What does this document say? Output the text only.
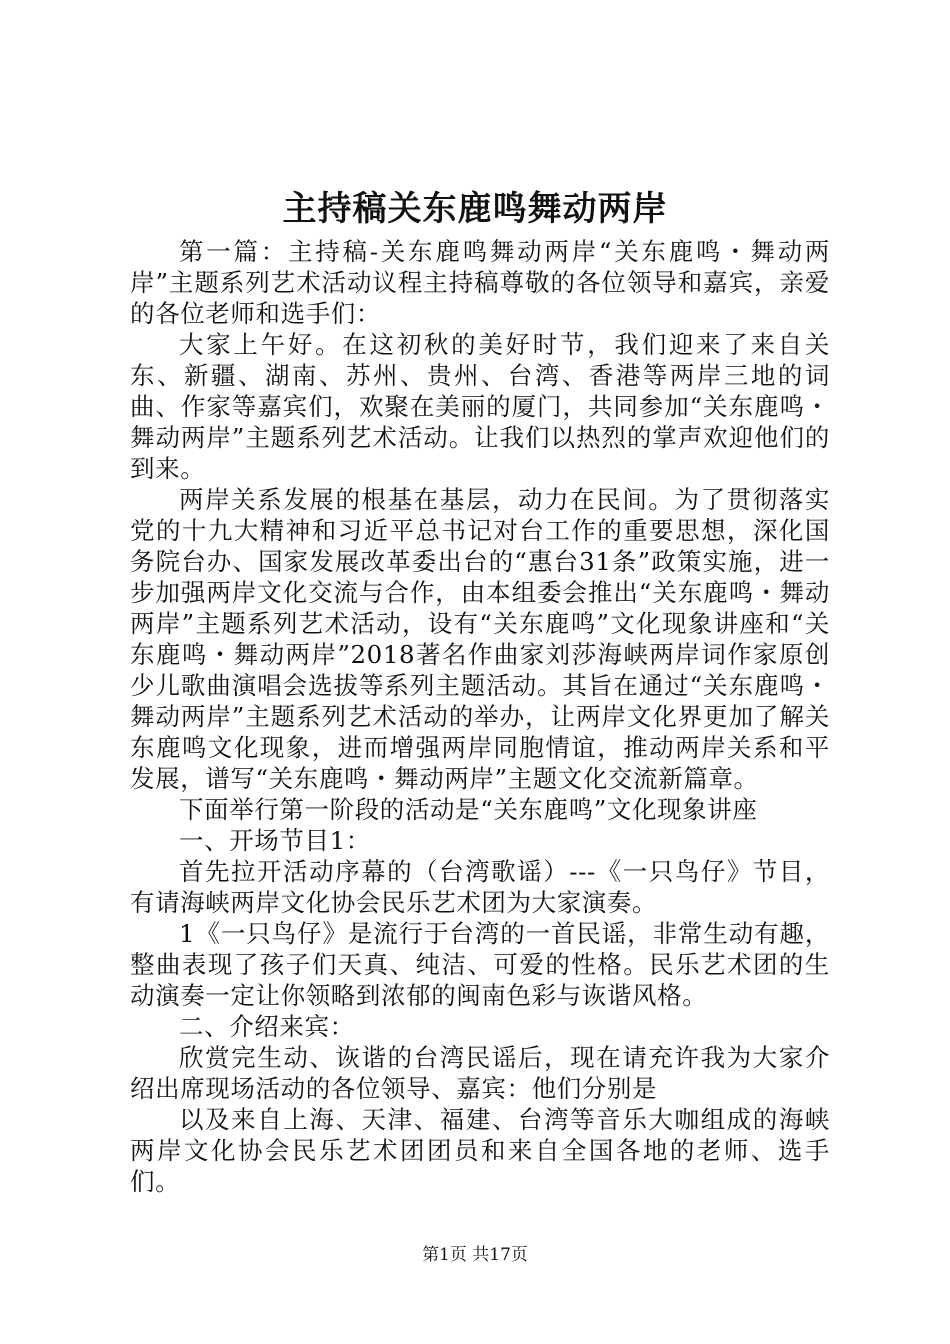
主持稿关东鹿鸣舞动两岸

第一篇：主持稿-关东鹿鸣舞动两岸“关东鹿鸣・舞动两岸”主题系列艺术活动议程主持稿尊敬的各位领导和嘉宾，亲爱的各位老师和选手们：

大家上午好。在这初秋的美好时节，我们迎来了来自关东、新疆、湖南、苏州、贵州、台湾、香港等两岸三地的词曲、作家等嘉宾们，欢聚在美丽的厦门，共同参加“关东鹿鸣・舞动两岸”主题系列艺术活动。让我们以热烈的掌声欢迎他们的到来。

两岸关系发展的根基在基层，动力在民间。为了贯彻落实党的十九大精神和习近平总书记对台工作的重要思想，深化国务院台办、国家发展改革委出台的“惠台31条”政策实施，进一步加强两岸文化交流与合作，由本组委会推出“关东鹿鸣・舞动两岸”主题系列艺术活动，设有“关东鹿鸣”文化现象讲座和“关东鹿鸣・舞动两岸”2018著名作曲家刘莎海峡两岸词作家原创少儿歌曲演唱会选拔等系列主题活动。其旨在通过“关东鹿鸣・舞动两岸”主题系列艺术活动的举办，让两岸文化界更加了解关东鹿鸣文化现象，进而增强两岸同胞情谊，推动两岸关系和平发展，谱写“关东鹿鸣・舞动两岸”主题文化交流新篇章。

下面举行第一阶段的活动是“关东鹿鸣”文化现象讲座

一、开场节目1：

首先拉开活动序幕的（台湾歌谣）---《一只鸟仔》节目，有请海峡两岸文化协会民乐艺术团为大家演奏。

1《一只鸟仔》是流行于台湾的一首民谣，非常生动有趣，整曲表现了孩子们天真、纯洁、可爱的性格。民乐艺术团的生动演奏一定让你领略到浓郁的闽南色彩与诙谐风格。

二、介绍来宾：

欣赏完生动、诙谐的台湾民谣后，现在请充许我为大家介绍出席现场活动的各位领导、嘉宾：他们分别是

以及来自上海、天津、福建、台湾等音乐大咖组成的海峡两岸文化协会民乐艺术团团员和来自全国各地的老师、选手们。

第1页 共17页
